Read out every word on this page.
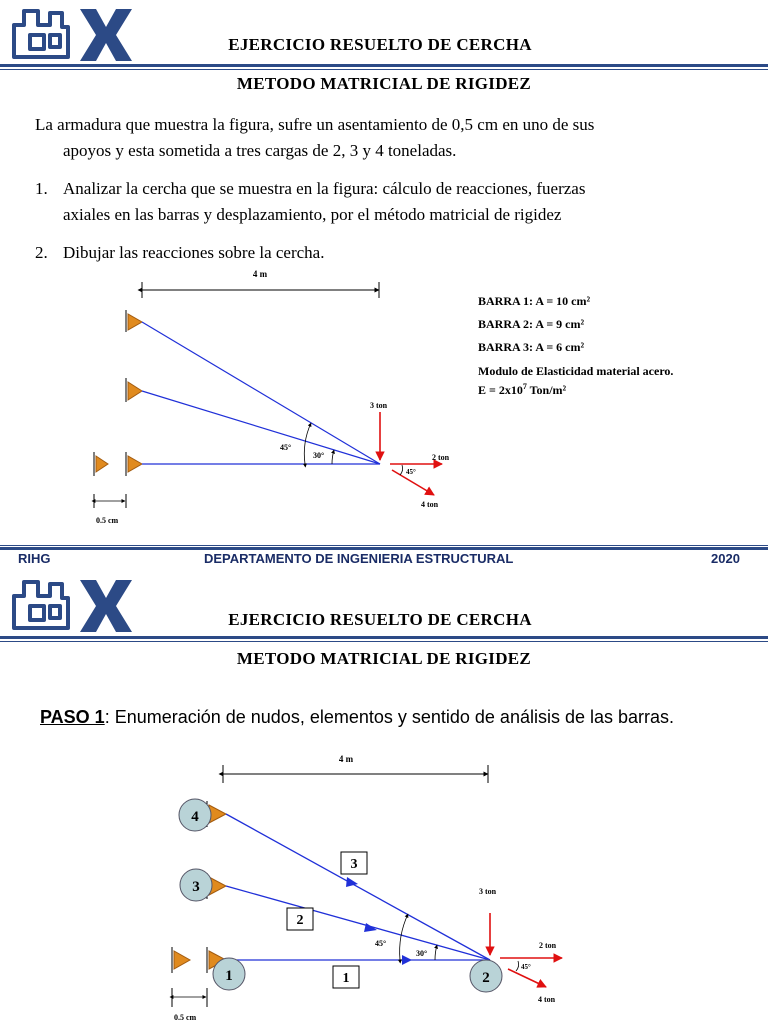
EJERCICIO RESUELTO DE CERCHA
METODO MATRICIAL DE RIGIDEZ
La armadura que muestra la figura, sufre un asentamiento de 0,5 cm en uno de sus
apoyos y esta sometida a tres cargas de 2, 3 y 4 toneladas.
1. Analizar la cercha que se muestra en la figura: cálculo de reacciones, fuerzas
axiales en las barras y desplazamiento, por el método matricial de rigidez
2. Dibujar las reacciones sobre la cercha.
4 m
45°
30°
3 ton
2 ton
4 ton
45°
0.5 cm
BARRA 1: A = 10 cm²
BARRA 2: A = 9 cm²
BARRA 3: A = 6 cm²
Modulo de Elasticidad material acero.
$E = 2x10^7$ Ton/m²
RIHG	DEPARTAMENTO DE INGENIERIA ESTRUCTURAL	2020
EJERCICIO RESUELTO DE CERCHA
METODO MATRICIAL DE RIGIDEZ
PASO 1: Enumeración de nudos, elementos y sentido de análisis de las barras.
4 m
1
2
3
45°
30°
3 ton
2 ton
4 ton
45°
1	2
3
4
0.5 cm
